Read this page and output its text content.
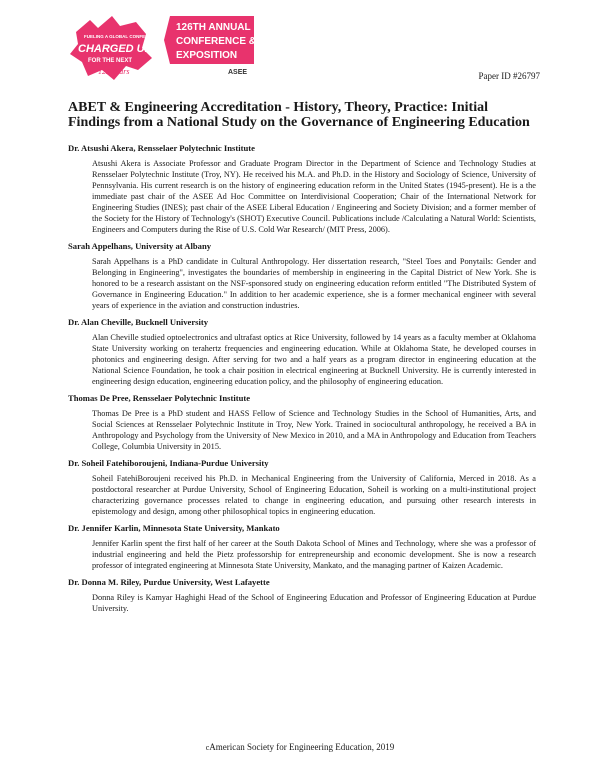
FUELING A GLOBAL CONFERENCE
CHARGED UP
FOR THE NEXT
125 Years
126TH ANNUAL
CONFERENCE &
EXPOSITION
ASEE	Paper ID #26797
ABET & Engineering Accreditation - History, Theory, Practice: Initial Findings from a National Study on the Governance of Engineering Education
Dr. Atsushi Akera, Rensselaer Polytechnic Institute
Atsushi Akera is Associate Professor and Graduate Program Director in the Department of Science and Technology Studies at Rensselaer Polytechnic Institute (Troy, NY). He received his M.A. and Ph.D. in the History and Sociology of Science, University of Pennsylvania. His current research is on the history of engineering education reform in the United States (1945-present). He is a the immediate past chair of the ASEE Ad Hoc Committee on Interdivisional Cooperation; Chair of the International Network for Engineering Studies (INES); past chair of the ASEE Liberal Education / Engineering and Society Division; and a former member of the Society for the History of Technology's (SHOT) Executive Council. Publications include /Calculating a Natural World: Scientists, Engineers and Computers during the Rise of U.S. Cold War Research/ (MIT Press, 2006).
Sarah Appelhans, University at Albany
Sarah Appelhans is a PhD candidate in Cultural Anthropology. Her dissertation research, "Steel Toes and Ponytails: Gender and Belonging in Engineering", investigates the boundaries of membership in engineering in the Capital District of New York. She is honored to be a research assistant on the NSF-sponsored study on engineering education reform entitled "The Distributed System of Governance in Engineering Education." In addition to her academic experience, she is a former mechanical engineer with several years of experience in the aviation and construction industries.
Dr. Alan Cheville, Bucknell University
Alan Cheville studied optoelectronics and ultrafast optics at Rice University, followed by 14 years as a faculty member at Oklahoma State University working on terahertz frequencies and engineering education. While at Oklahoma State, he developed courses in photonics and engineering design. After serving for two and a half years as a program director in engineering education at the National Science Foundation, he took a chair position in electrical engineering at Bucknell University. He is currently interested in engineering design education, engineering education policy, and the philosophy of engineering education.
Thomas De Pree, Rensselaer Polytechnic Institute
Thomas De Pree is a PhD student and HASS Fellow of Science and Technology Studies in the School of Humanities, Arts, and Social Sciences at Rensselaer Polytechnic Institute in Troy, New York. Trained in sociocultural anthropology, he received a BA in Anthropology and Psychology from the University of New Mexico in 2010, and a MA in Anthropology and Education from Teachers College, Columbia University in 2015.
Dr. Soheil Fatehiboroujeni, Indiana-Purdue University
Soheil FatehiBoroujeni received his Ph.D. in Mechanical Engineering from the University of California, Merced in 2018. As a postdoctoral researcher at Purdue University, School of Engineering Education, Soheil is working on a multi-institutional project characterizing governance processes related to change in engineering education, and pursuing other research interests in epistemology and design, among other philosophical topics in engineering education.
Dr. Jennifer Karlin, Minnesota State University, Mankato
Jennifer Karlin spent the first half of her career at the South Dakota School of Mines and Technology, where she was a professor of industrial engineering and held the Pietz professorship for entrepreneurship and economic development. She is now a research professor of integrated engineering at Minnesota State University, Mankato, and the managing partner of Kaizen Academic.
Dr. Donna M. Riley, Purdue University, West Lafayette
Donna Riley is Kamyar Haghighi Head of the School of Engineering Education and Professor of Engineering Education at Purdue University.
cAmerican Society for Engineering Education, 2019
